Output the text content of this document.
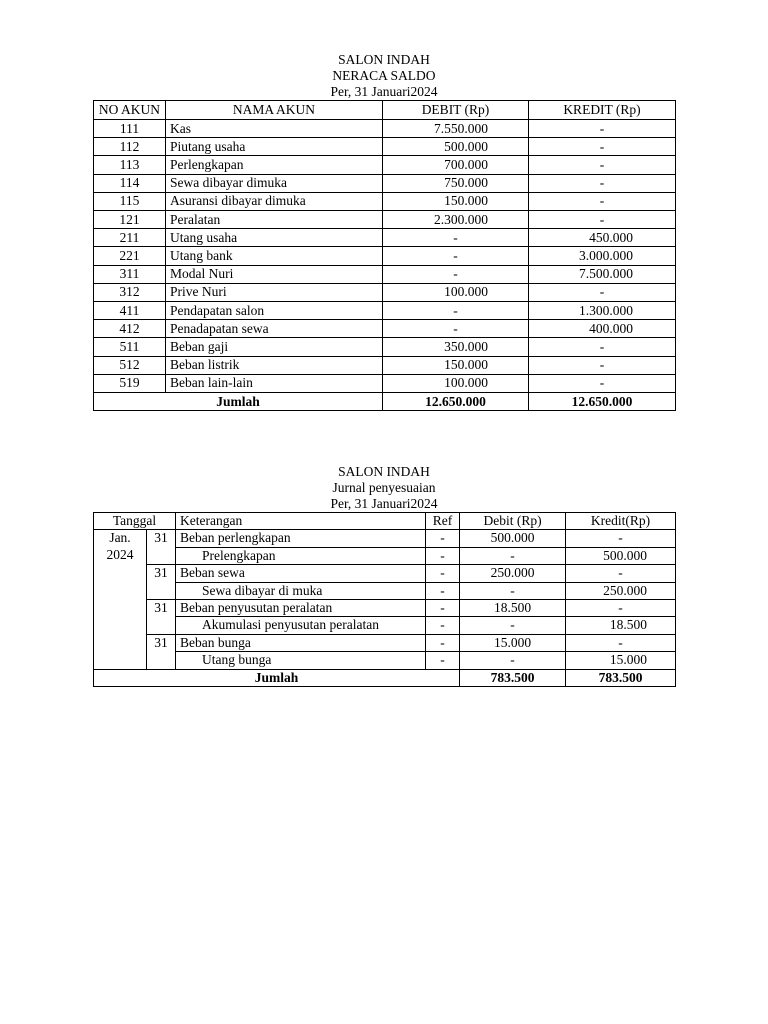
SALON INDAH
NERACA SALDO
Per, 31 Januari2024
NO AKUN	NAMA AKUN	DEBIT (Rp)	KREDIT (Rp)
111	Kas	7.550.000	-
112	Piutang usaha	500.000	-
113	Perlengkapan	700.000	-
114	Sewa dibayar dimuka	750.000	-
115	Asuransi dibayar dimuka	150.000	-
121	Peralatan	2.300.000	-
211	Utang usaha	-	450.000
221	Utang bank	-	3.000.000
311	Modal Nuri	-	7.500.000
312	Prive Nuri	100.000	-
411	Pendapatan salon	-	1.300.000
412	Penadapatan sewa	-	400.000
511	Beban gaji	350.000	-
512	Beban listrik	150.000	-
519	Beban lain-lain	100.000	-
Jumlah		12.650.000	12.650.000
SALON INDAH
Jurnal penyesuaian
Per, 31 Januari2024
Tanggal		Keterangan	Ref	Debit (Rp)	Kredit(Rp)

Jan.
2024	31	Beban perlengkapan	-	500.000	-
		Prelengkapan	-	-	500.000
	31	Beban sewa	-	250.000	-
		Sewa dibayar di muka	-	-	250.000
	31	Beban penyusutan peralatan	-	18.500	-
		Akumulasi penyusutan peralatan	-	-	18.500
	31	Beban bunga	-	15.000	-
		Utang bunga	-	-	15.000
Jumlah				783.500	783.500
